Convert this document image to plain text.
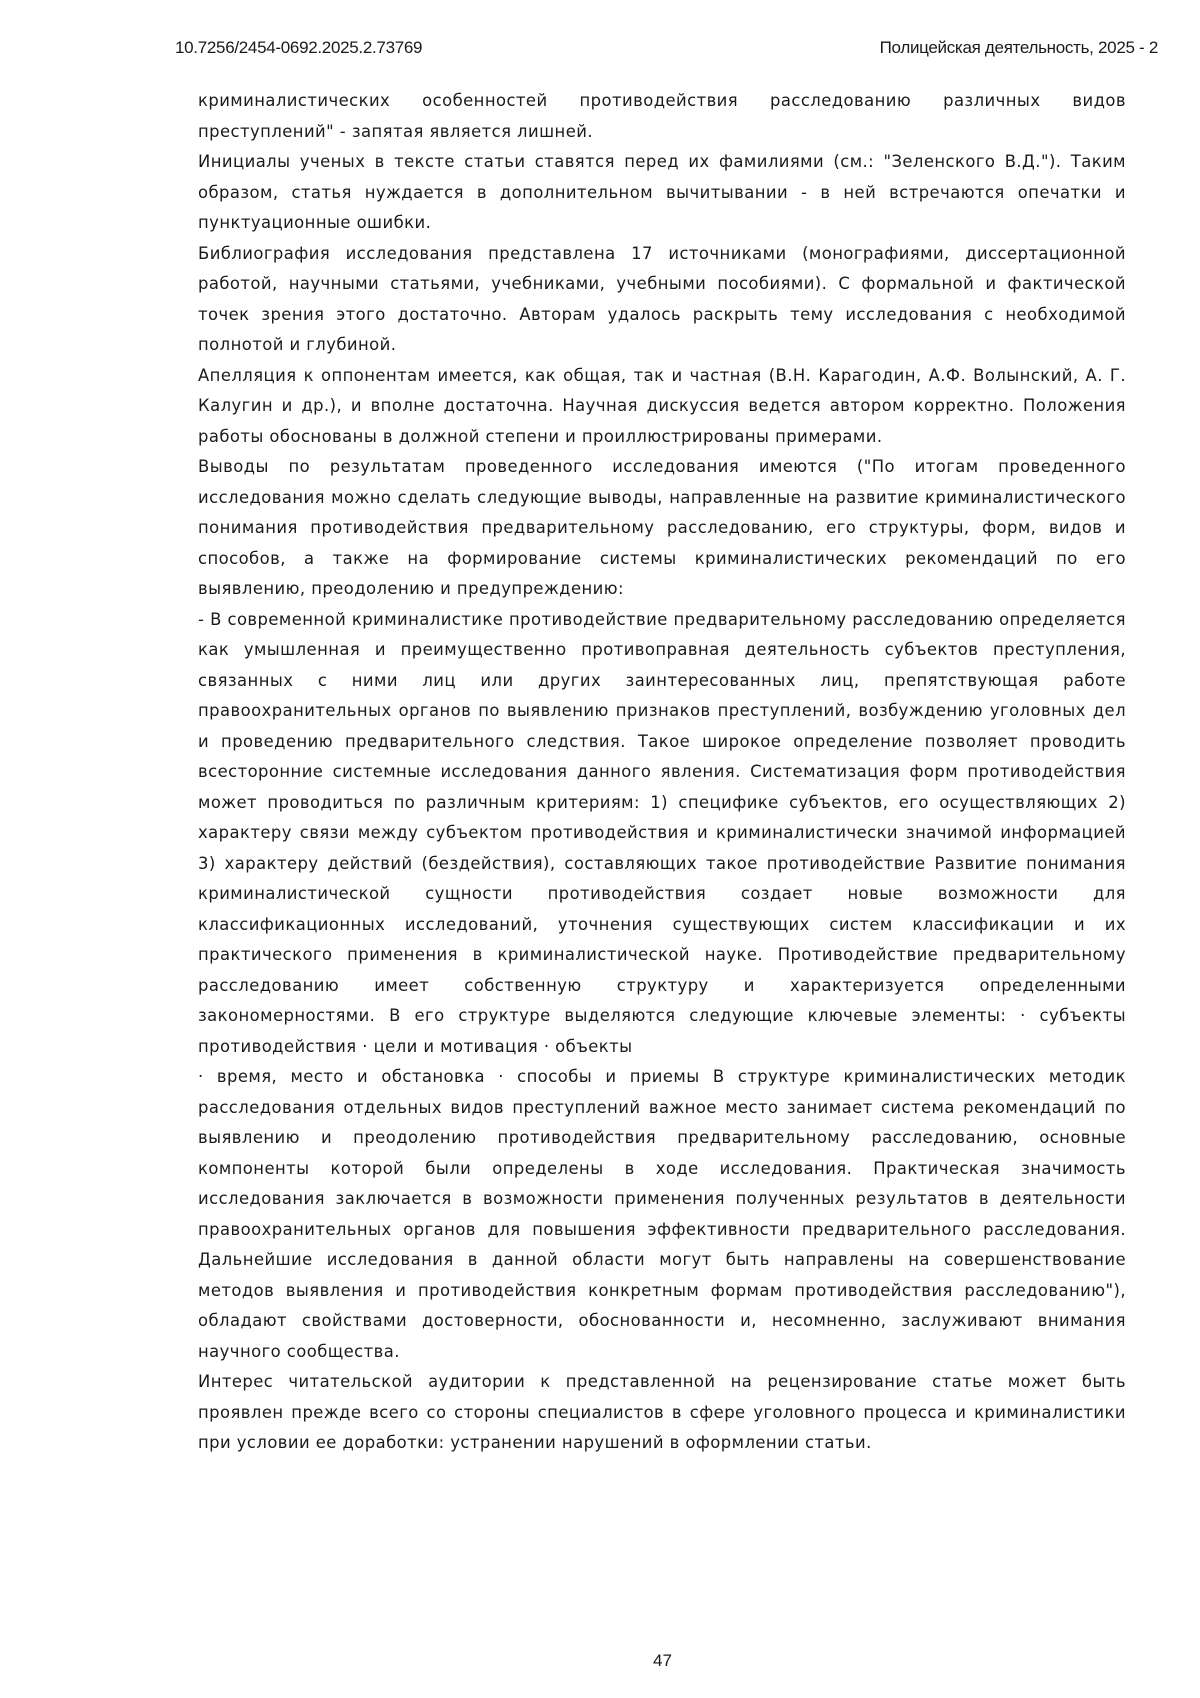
10.7256/2454-0692.2025.2.73769	Полицейская деятельность, 2025 - 2

криминалистических особенностей противодействия расследованию различных видов преступлений" - запятая является лишней.

Инициалы ученых в тексте статьи ставятся перед их фамилиями (см.: "Зеленского В.Д."). Таким образом, статья нуждается в дополнительном вычитывании - в ней встречаются опечатки и пунктуационные ошибки.

Библиография исследования представлена 17 источниками (монографиями, диссертационной работой, научными статьями, учебниками, учебными пособиями). С формальной и фактической точек зрения этого достаточно. Авторам удалось раскрыть тему исследования с необходимой полнотой и глубиной.

Апелляция к оппонентам имеется, как общая, так и частная (В.Н. Карагодин, А.Ф. Волынский, А. Г. Калугин и др.), и вполне достаточна. Научная дискуссия ведется автором корректно. Положения работы обоснованы в должной степени и проиллюстрированы примерами.

Выводы по результатам проведенного исследования имеются ("По итогам проведенного исследования можно сделать следующие выводы, направленные на развитие криминалистического понимания противодействия предварительному расследованию, его структуры, форм, видов и способов, а также на формирование системы криминалистических рекомендаций по его выявлению, преодолению и предупреждению:

- В современной криминалистике противодействие предварительному расследованию определяется как умышленная и преимущественно противоправная деятельность субъектов преступления, связанных с ними лиц или других заинтересованных лиц, препятствующая работе правоохранительных органов по выявлению признаков преступлений, возбуждению уголовных дел и проведению предварительного следствия. Такое широкое определение позволяет проводить всесторонние системные исследования данного явления. Систематизация форм противодействия может проводиться по различным критериям: 1) специфике субъектов, его осуществляющих 2) характеру связи между субъектом противодействия и криминалистически значимой информацией 3) характеру действий (бездействия), составляющих такое противодействие Развитие понимания криминалистической сущности противодействия создает новые возможности для классификационных исследований, уточнения существующих систем классификации и их практического применения в криминалистической науке. Противодействие предварительному расследованию имеет собственную структуру и характеризуется определенными закономерностями. В его структуре выделяются следующие ключевые элементы: · субъекты противодействия · цели и мотивация · объекты

· время, место и обстановка · способы и приемы В структуре криминалистических методик расследования отдельных видов преступлений важное место занимает система рекомендаций по выявлению и преодолению противодействия предварительному расследованию, основные компоненты которой были определены в ходе исследования. Практическая значимость исследования заключается в возможности применения полученных результатов в деятельности правоохранительных органов для повышения эффективности предварительного расследования. Дальнейшие исследования в данной области могут быть направлены на совершенствование методов выявления и противодействия конкретным формам противодействия расследованию"), обладают свойствами достоверности, обоснованности и, несомненно, заслуживают внимания научного сообщества.

Интерес читательской аудитории к представленной на рецензирование статье может быть проявлен прежде всего со стороны специалистов в сфере уголовного процесса и криминалистики при условии ее доработки: устранении нарушений в оформлении статьи.

47
